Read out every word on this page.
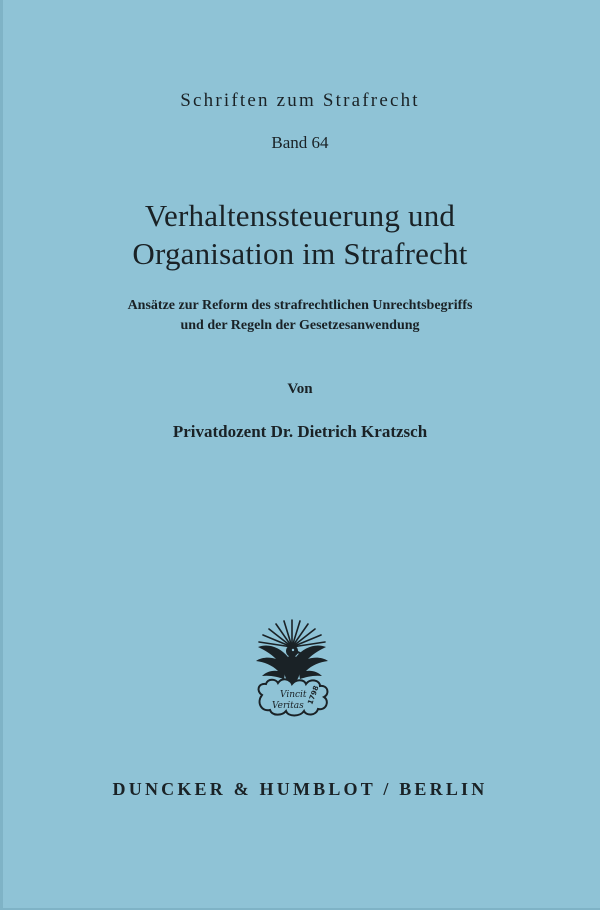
Schriften zum Strafrecht
Band 64
Verhaltenssteuerung und
Organisation im Strafrecht
Ansätze zur Reform des strafrechtlichen Unrechtsbegriffs
und der Regeln der Gesetzesanwendung
Von
Privatdozent Dr. Dietrich Kratzsch
Vincit
Veritas
1798
DUNCKER & HUMBLOT / BERLIN
